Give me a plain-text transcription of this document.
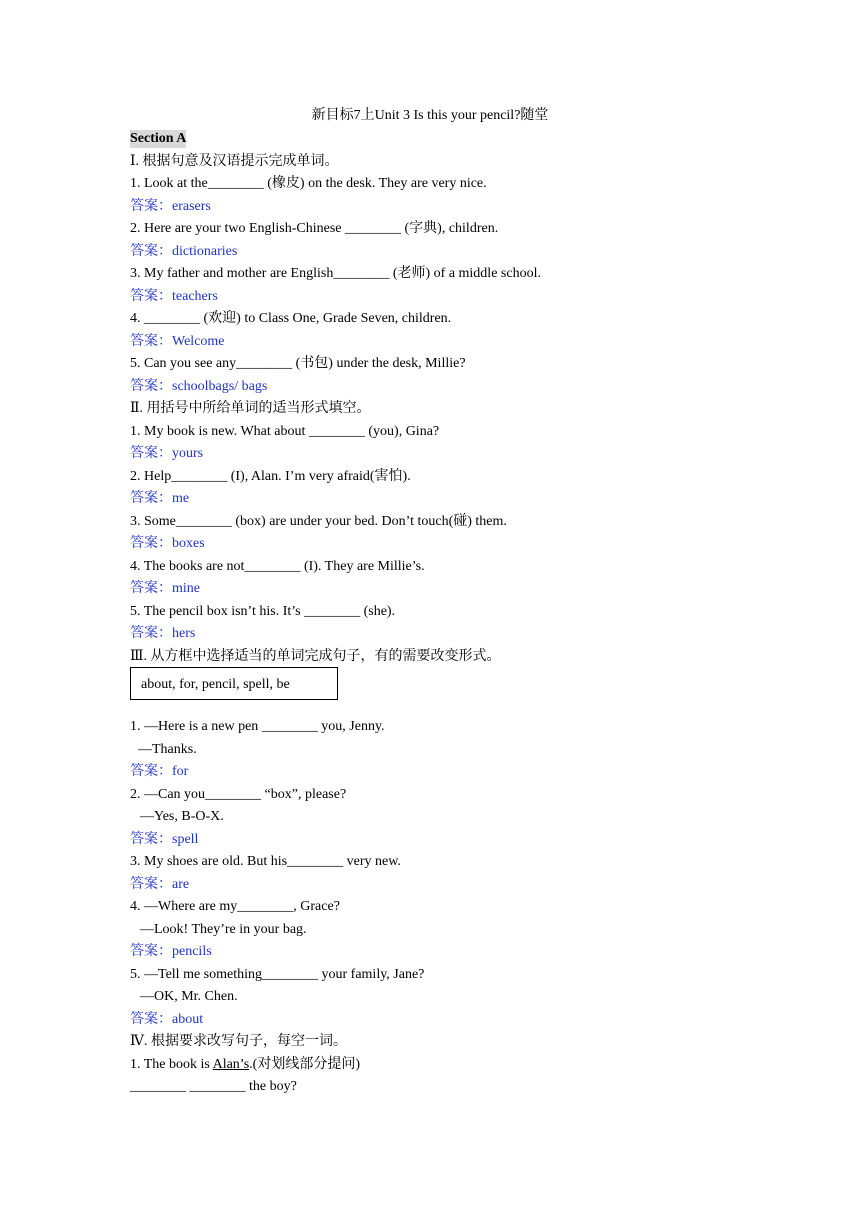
新目标7上Unit 3 Is this your pencil?随堂
Section A
Ⅰ. 根据句意及汉语提示完成单词。
1. Look at the________ (橡皮) on the desk. They are very nice.
答案：erasers
2. Here are your two English-Chinese ________ (字典), children.
答案：dictionaries
3. My father and mother are English________ (老师) of a middle school.
答案：teachers
4. ________ (欢迎) to Class One, Grade Seven, children.
答案：Welcome
5. Can you see any________ (书包) under the desk, Millie?
答案：schoolbags/ bags
Ⅱ. 用括号中所给单词的适当形式填空。
1. My book is new. What about ________ (you), Gina?
答案：yours
2. Help________ (I), Alan. I’m very afraid(害怕).
答案：me
3. Some________ (box) are under your bed. Don’t touch(碰) them.
答案：boxes
4. The books are not________ (I). They are Millie’s.
答案：mine
5. The pencil box isn’t his. It’s ________ (she).
答案：hers
Ⅲ. 从方框中选择适当的单词完成句子，有的需要改变形式。
1. —Here is a new pen ________ you, Jenny.
—Thanks.
答案：for
2. —Can you________ “box”, please?
—Yes, B-O-X.
答案：spell
3. My shoes are old. But his________ very new.
答案：are
4. —Where are my________, Grace?
—Look! They’re in your bag.
答案：pencils
5. —Tell me something________ your family, Jane?
—OK, Mr. Chen.
答案：about
Ⅳ. 根据要求改写句子，每空一词。
1. The book is Alan’s.(对划线部分提问)
________ ________ the boy?
about, for, pencil, spell, be
